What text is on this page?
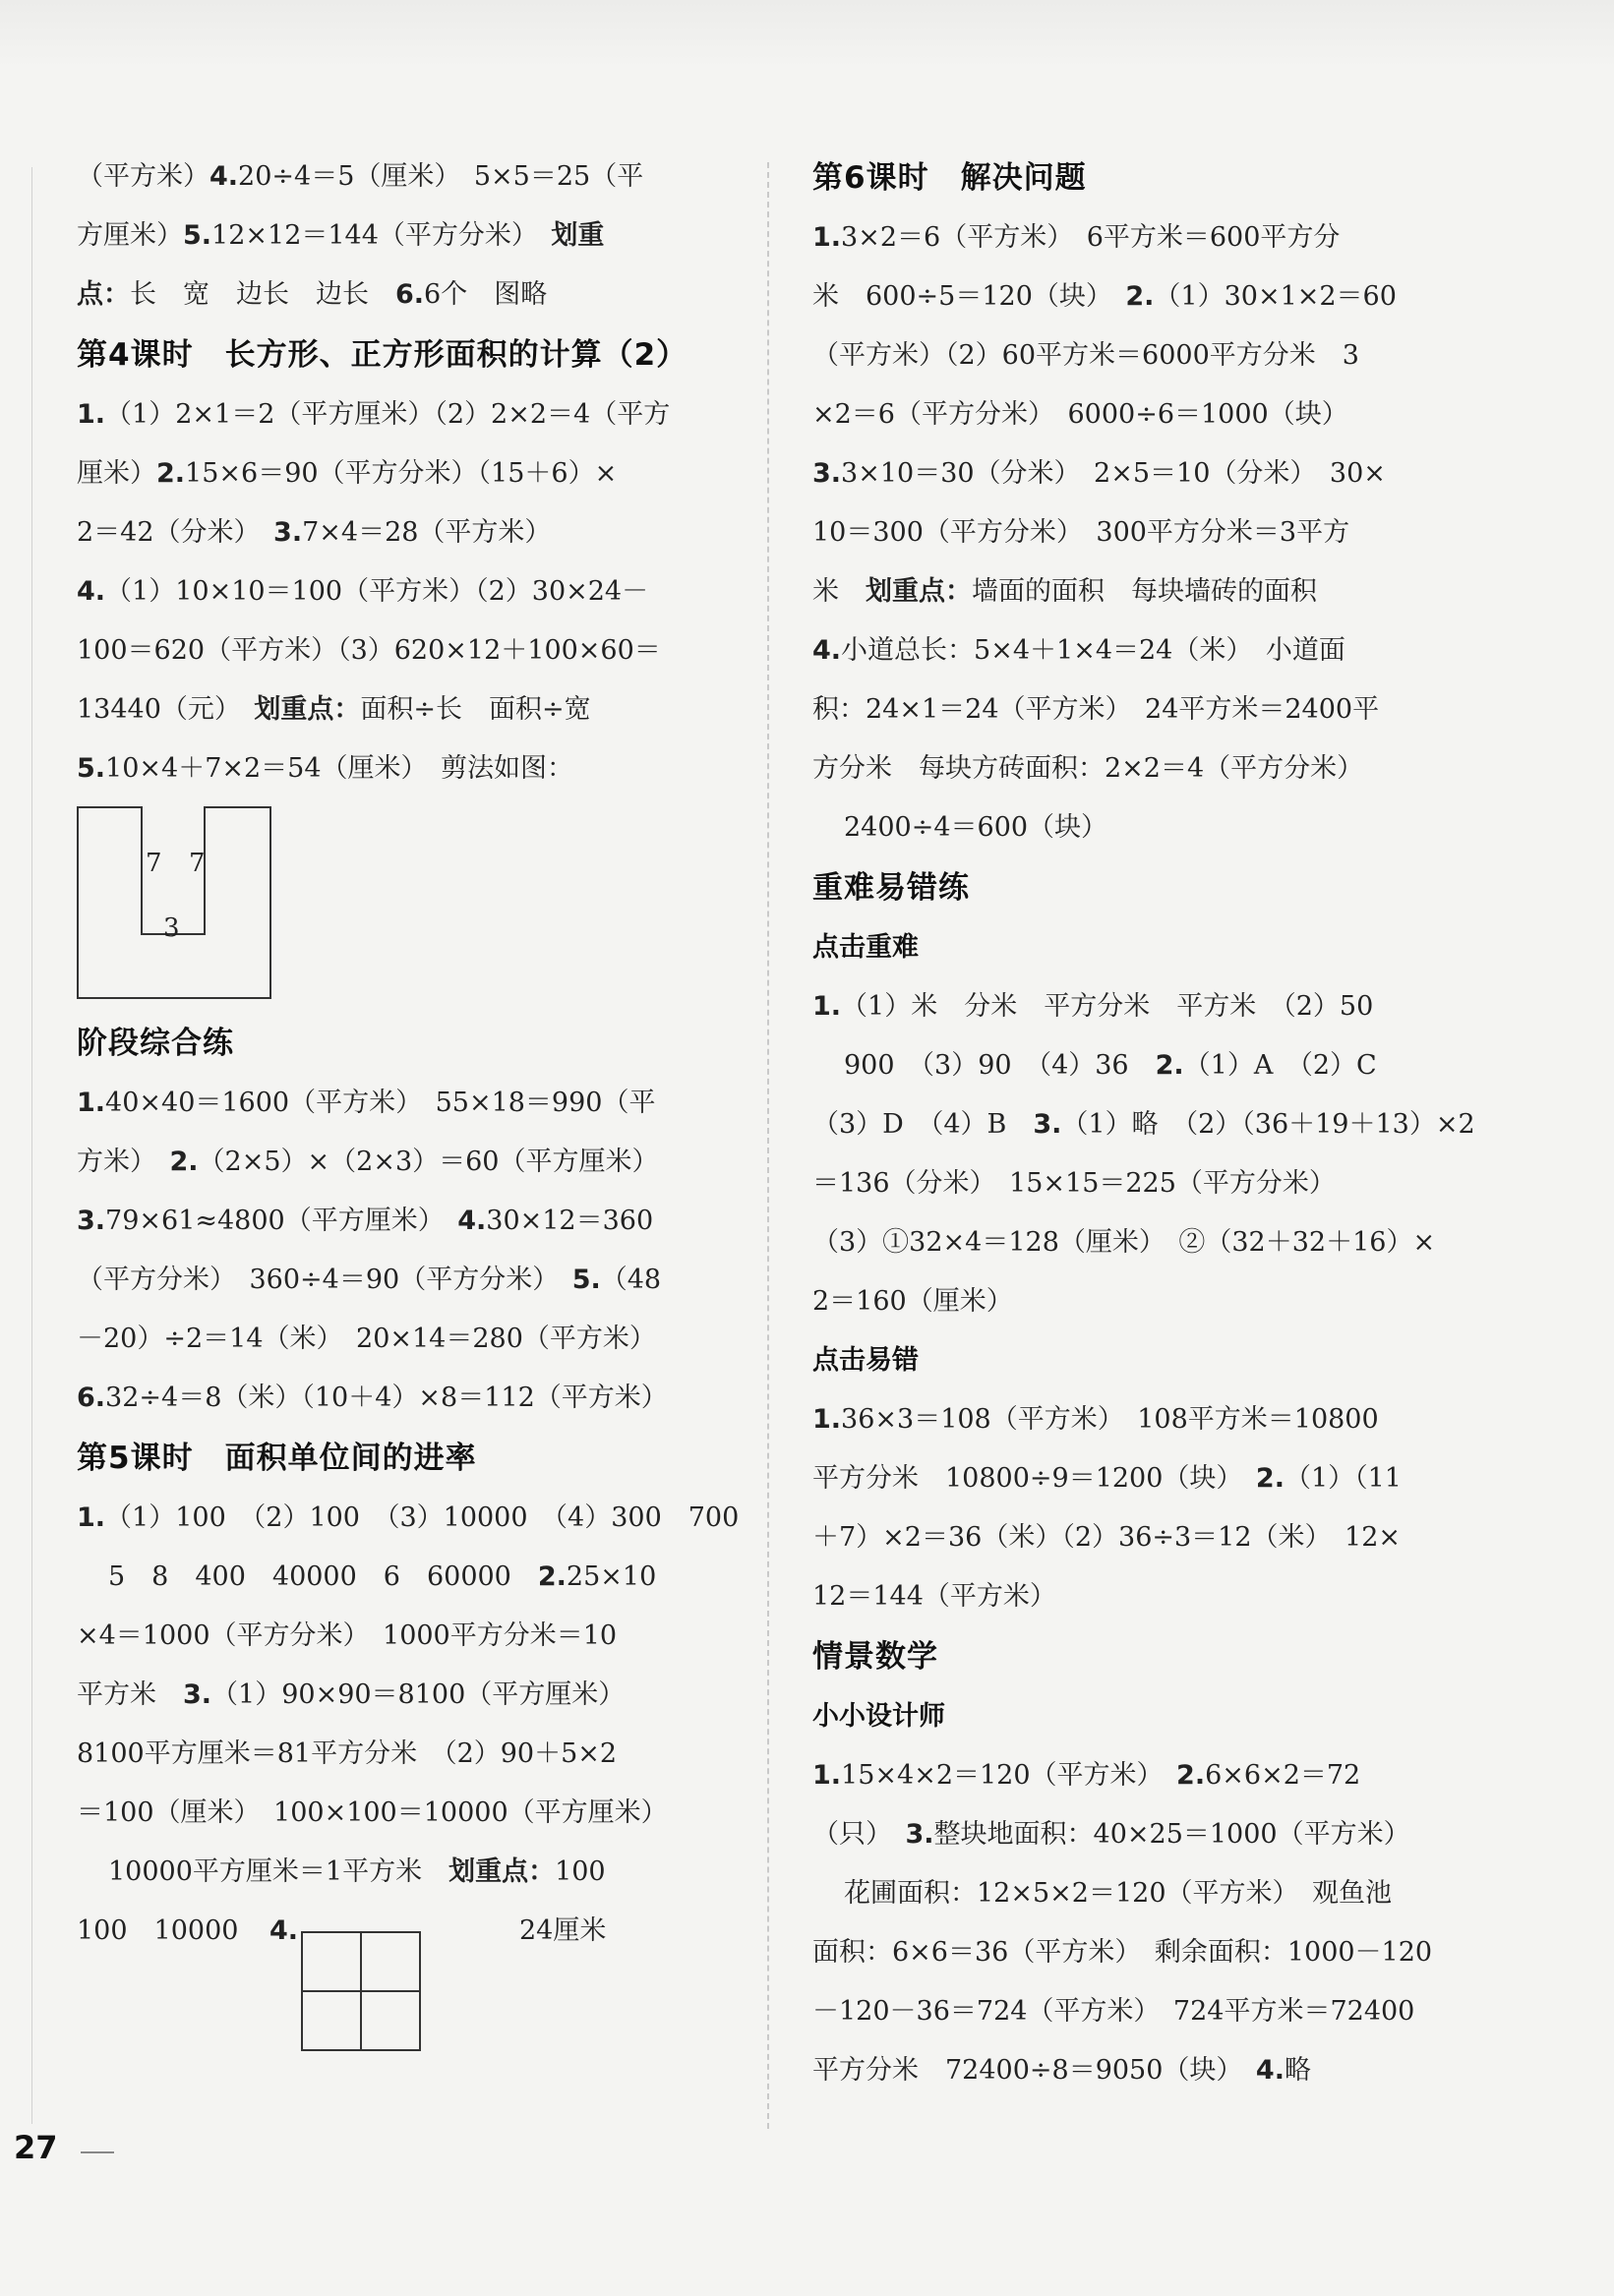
（平方米）4.20÷4＝5（厘米）　5×5＝25（平
方厘米）5.12×12＝144（平方分米）　 划重
点：长　宽　边长　边长　 6.6个　图略
第4课时　长方形、正方形面积的计算（2）
1.（1）2×1＝2（平方厘米）（2）2×2＝4（平方
厘米）2.15×6＝90（平方分米）（15＋6）×
2＝42（分米）　 3.7×4＝28（平方米）
4.（1）10×10＝100（平方米）（2）30×24－
100＝620（平方米）（3）620×12＋100×60＝
13440（元）　 划重点：面积÷长　面积÷宽
5.10×4＋7×2＝54（厘米）　剪法如图：
7 7
3
阶段综合练
1.40×40＝1600（平方米）　55×18＝990（平
方米）　 2.（2×5）×（2×3）＝60（平方厘米）
3.79×61≈4800（平方厘米）　 4.30×12＝360
（平方分米）　360÷4＝90（平方分米）　 5.（48
－20）÷2＝14（米）　20×14＝280（平方米）
6.32÷4＝8（米）（10＋4）×8＝112（平方米）
第5课时　面积单位间的进率
1.（1）100　（2）100　（3）10000　（4）300　700
5　8　400　40000　6　60000　 2.25×10
×4＝1000（平方分米）　1000平方分米＝10
平方米　 3.（1）90×90＝8100（平方厘米）
8100平方厘米＝81平方分米　（2）90＋5×2
＝100（厘米）　100×100＝10000（平方厘米）
10000平方厘米＝1平方米　 划重点：100
100　10000 4.	24厘米
第6课时　解决问题
1.3×2＝6（平方米）　6平方米＝600平方分
米　600÷5＝120（块）　 2.（1）30×1×2＝60
（平方米）（2）60平方米＝6000平方分米　3
×2＝6（平方分米）　6000÷6＝1000（块）
3.3×10＝30（分米）　2×5＝10（分米）　30×
10＝300（平方分米）　300平方分米＝3平方
米　 划重点：墙面的面积　每块墙砖的面积
4.小道总长：5×4＋1×4＝24（米）　小道面
积：24×1＝24（平方米）　24平方米＝2400平
方分米　每块方砖面积：2×2＝4（平方分米）
2400÷4＝600（块）
重难易错练
点击重难
1.（1）米　分米　平方分米　平方米　（2）50
900　（3）90　（4）36　 2.（1）A　（2）C
（3）D　（4）B　 3.（1）略　（2）（36＋19＋13）×2
＝136（分米）　15×15＝225（平方分米）
（3）①32×4＝128（厘米）　②（32＋32＋16）×
2＝160（厘米）
点击易错
1.36×3＝108（平方米）　108平方米＝10800
平方分米　10800÷9＝1200（块）　 2.（1）（11
＋7）×2＝36（米）（2）36÷3＝12（米）　12×
12＝144（平方米）
情景数学
小小设计师
1.15×4×2＝120（平方米）　 2.6×6×2＝72
（只）　 3.整块地面积：40×25＝1000（平方米）
花圃面积：12×5×2＝120（平方米）　观鱼池
面积：6×6＝36（平方米）　剩余面积：1000－120
－120－36＝724（平方米）　724平方米＝72400
平方分米　72400÷8＝9050（块）　 4.略
27
